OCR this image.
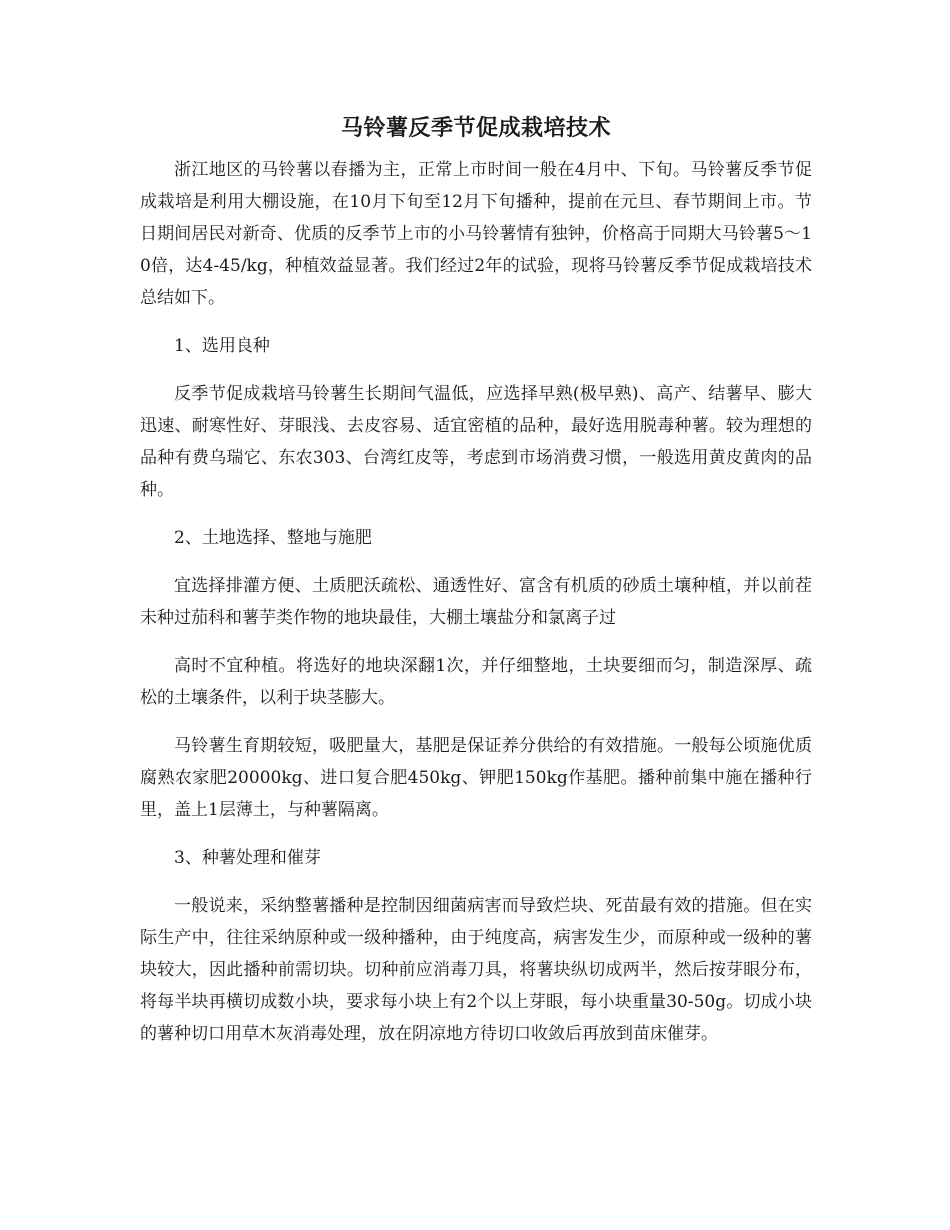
马铃薯反季节促成栽培技术

浙江地区的马铃薯以春播为主，正常上市时间一般在4月中、下旬。马铃薯反季节促成栽培是利用大棚设施，在10月下旬至12月下旬播种，提前在元旦、春节期间上市。节日期间居民对新奇、优质的反季节上市的小马铃薯情有独钟，价格高于同期大马铃薯5～10倍，达4-45/kg，种植效益显著。我们经过2年的试验，现将马铃薯反季节促成栽培技术总结如下。

1、选用良种

反季节促成栽培马铃薯生长期间气温低，应选择早熟(极早熟)、高产、结薯早、膨大迅速、耐寒性好、芽眼浅、去皮容易、适宜密植的品种，最好选用脱毒种薯。较为理想的品种有费乌瑞它、东农303、台湾红皮等，考虑到市场消费习惯，一般选用黄皮黄肉的品种。

2、土地选择、整地与施肥

宜选择排灌方便、土质肥沃疏松、通透性好、富含有机质的砂质土壤种植，并以前茬未种过茄科和薯芋类作物的地块最佳，大棚土壤盐分和氯离子过

高时不宜种植。将选好的地块深翻1次，并仔细整地，土块要细而匀，制造深厚、疏松的土壤条件，以利于块茎膨大。

马铃薯生育期较短，吸肥量大，基肥是保证养分供给的有效措施。一般每公顷施优质腐熟农家肥20000kg、进口复合肥450kg、钾肥150kg作基肥。播种前集中施在播种行里，盖上1层薄土，与种薯隔离。

3、种薯处理和催芽

一般说来，采纳整薯播种是控制因细菌病害而导致烂块、死苗最有效的措施。但在实际生产中，往往采纳原种或一级种播种，由于纯度高，病害发生少，而原种或一级种的薯块较大，因此播种前需切块。切种前应消毒刀具，将薯块纵切成两半，然后按芽眼分布，将每半块再横切成数小块，要求每小块上有2个以上芽眼，每小块重量30-50g。切成小块的薯种切口用草木灰消毒处理，放在阴凉地方待切口收敛后再放到苗床催芽。
